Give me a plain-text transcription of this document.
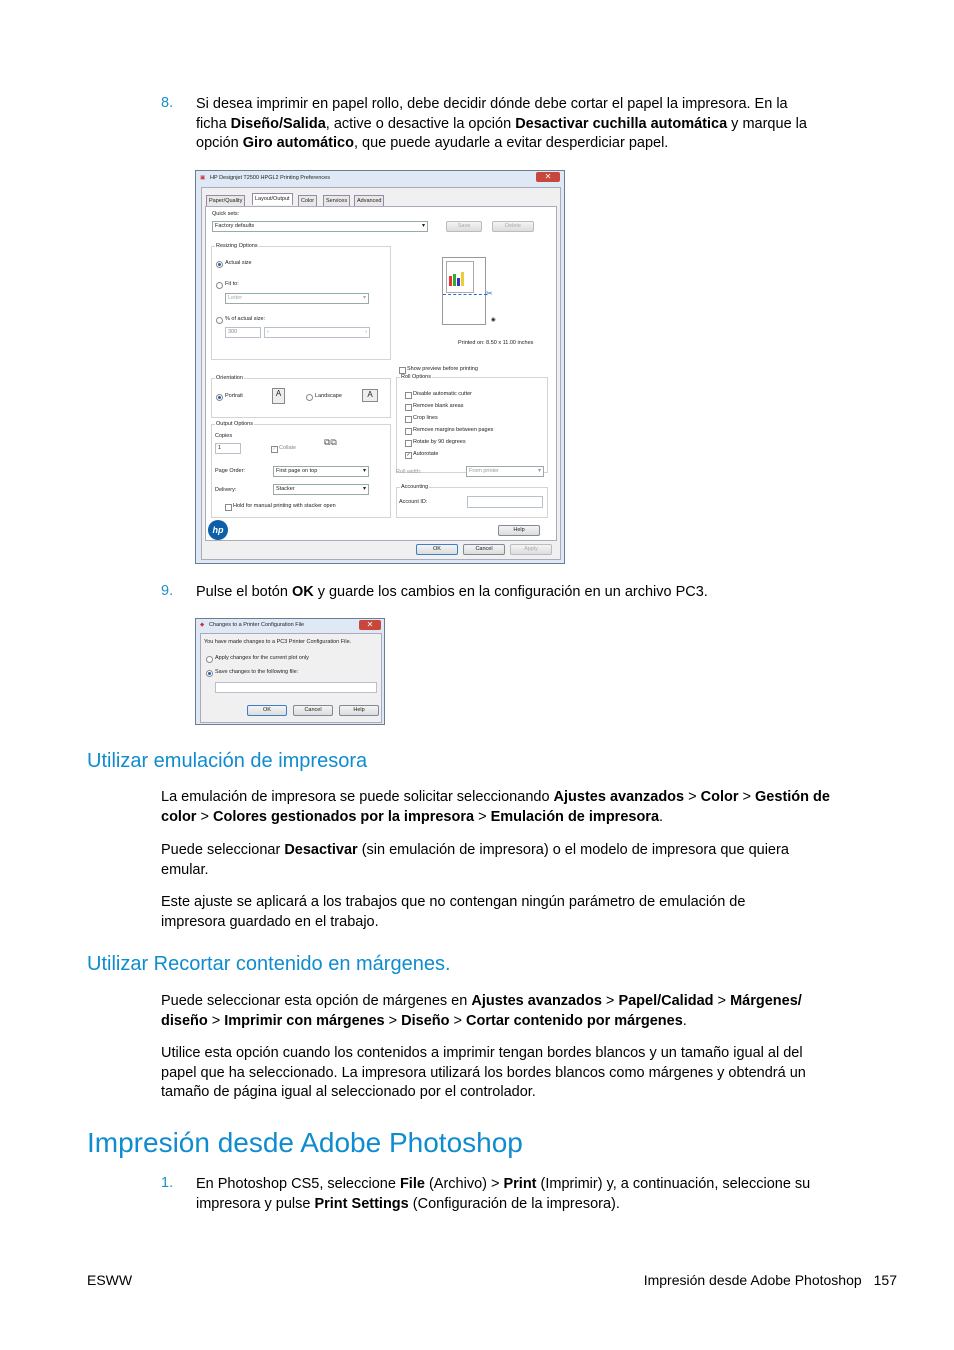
8. Si desea imprimir en papel rollo, debe decidir dónde debe cortar el papel la impresora. En la
ficha Diseño/Salida, active o desactive la opción Desactivar cuchilla automática y marque la
opción Giro automático, que puede ayudarle a evitar desperdiciar papel.
▣ HP Designjet T2500 HPGL2 Printing Preferences	✕
Paper/Quality	Layout/Output	Color	Services	Advanced
Quick sets:
Factory defaults ▾	Save	Delete
Resizing Options
Actual size
Fit to:
Letter ▾
% of actual size:
300	‹	›
✂
◉
Printed on: 8.50 x 11.00 inches
Show preview before printing
Orientation
Portrait	A	Landscape	A
Roll Options
Disable automatic cutter
Remove blank areas
Crop lines
Remove margins between pages
Rotate by 90 degrees
✓ Autorotate
Roll width:	From printer ▾
Output Options
Copies
1	✓ Collate
⧉⧉
Page Order:	First page on top ▾
Delivery:	Stacker ▾
Hold for manual printing with stacker open
Accounting
Account ID:
hp	Help
OK	Cancel	Apply
9. Pulse el botón OK y guarde los cambios en la configuración en un archivo PC3.
◆ Changes to a Printer Configuration File	✕
You have made changes to a PC3 Printer Configuration File.
Apply changes for the current plot only
Save changes to the following file:
OK	Cancel	Help
Utilizar emulación de impresora
La emulación de impresora se puede solicitar seleccionando Ajustes avanzados > Color > Gestión de
color > Colores gestionados por la impresora > Emulación de impresora.
Puede seleccionar Desactivar (sin emulación de impresora) o el modelo de impresora que quiera
emular.
Este ajuste se aplicará a los trabajos que no contengan ningún parámetro de emulación de
impresora guardado en el trabajo.
Utilizar Recortar contenido en márgenes.
Puede seleccionar esta opción de márgenes en Ajustes avanzados > Papel/Calidad > Márgenes/
diseño > Imprimir con márgenes > Diseño > Cortar contenido por márgenes.
Utilice esta opción cuando los contenidos a imprimir tengan bordes blancos y un tamaño igual al del
papel que ha seleccionado. La impresora utilizará los bordes blancos como márgenes y obtendrá un
tamaño de página igual al seleccionado por el controlador.
Impresión desde Adobe Photoshop
1. En Photoshop CS5, seleccione File (Archivo) > Print (Imprimir) y, a continuación, seleccione su
impresora y pulse Print Settings (Configuración de la impresora).
ESWW	Impresión desde Adobe Photoshop 157
